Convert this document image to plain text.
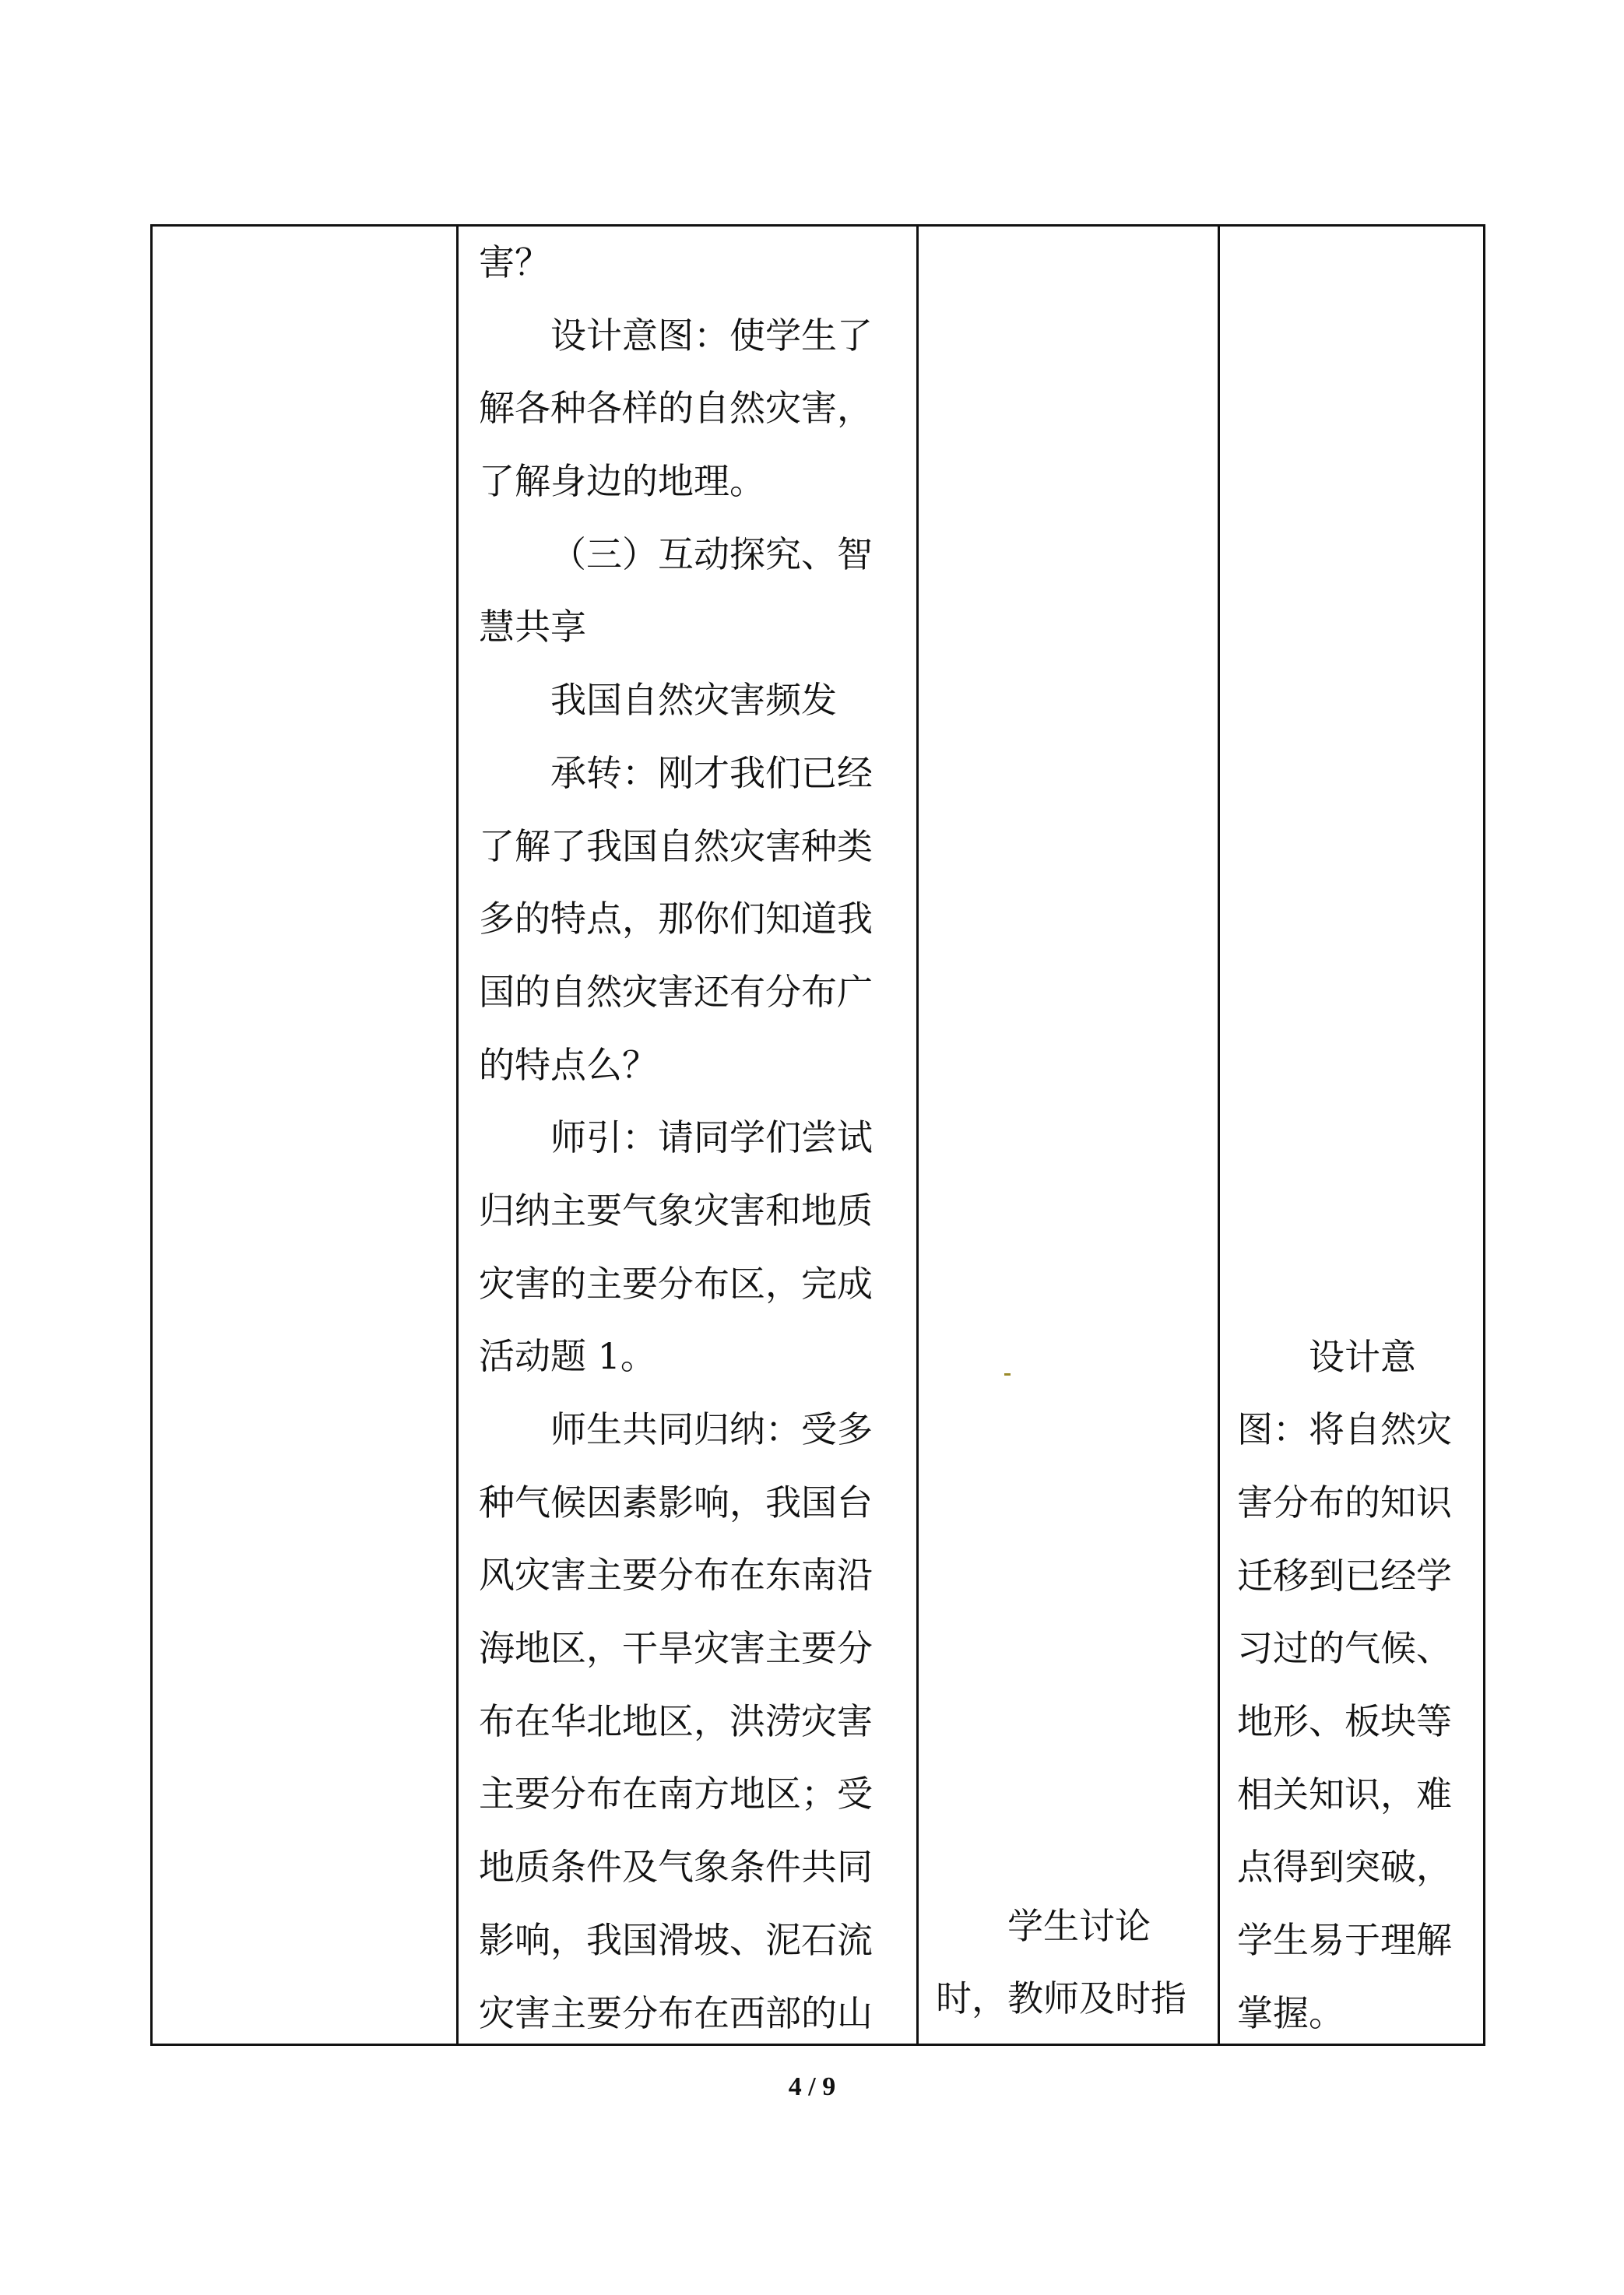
害？
设计意图：使学生了
解各种各样的自然灾害，
了解身边的地理。
（三）互动探究、智
慧共享
我国自然灾害频发
承转：刚才我们已经
了解了我国自然灾害种类
多的特点，那你们知道我
国的自然灾害还有分布广
的特点么？
师引：请同学们尝试
归纳主要气象灾害和地质
灾害的主要分布区，完成
活动题 1。
师生共同归纳：受多
种气候因素影响，我国台
风灾害主要分布在东南沿
海地区，干旱灾害主要分
布在华北地区，洪涝灾害
主要分布在南方地区；受
地质条件及气象条件共同
影响，我国滑坡、泥石流
灾害主要分布在西部的山

学生讨论
时，教师及时指

设计意
图：将自然灾
害分布的知识
迁移到已经学
习过的气候、
地形、板块等
相关知识，难
点得到突破，
学生易于理解
掌握。
4 / 9
